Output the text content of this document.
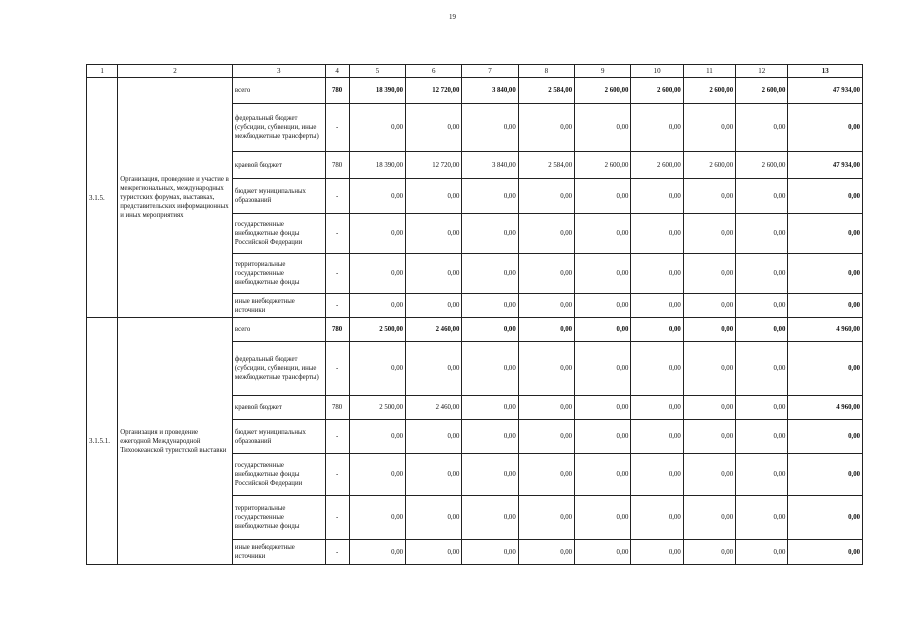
19
1	2	3	4	5	6	7	8	9	10	11	12	13
3.1.5.	Организация, проведение и участие в межрегиональных, международных туристских форумах, выставках, представительских информационных и иных мероприятиях	всего	780	18 390,00	12 720,00	3 840,00	2 584,00	2 600,00	2 600,00	2 600,00	2 600,00	47 934,00
		федеральный бюджет (субсидии, субвенции, иные межбюджетные трансферты)	-	0,00	0,00	0,00	0,00	0,00	0,00	0,00	0,00	0,00
		краевой бюджет	780	18 390,00	12 720,00	3 840,00	2 584,00	2 600,00	2 600,00	2 600,00	2 600,00	47 934,00
		бюджет муниципальных образований	-	0,00	0,00	0,00	0,00	0,00	0,00	0,00	0,00	0,00
		государственные внебюджетные фонды Российской Федерации	-	0,00	0,00	0,00	0,00	0,00	0,00	0,00	0,00	0,00
		территориальные государственные внебюджетные фонды	-	0,00	0,00	0,00	0,00	0,00	0,00	0,00	0,00	0,00
		иные внебюджетные источники	-	0,00	0,00	0,00	0,00	0,00	0,00	0,00	0,00	0,00
3.1.5.1.	Организация и проведение ежегодной Международной Тихоокеанской туристской выставки	всего	780	2 500,00	2 460,00	0,00	0,00	0,00	0,00	0,00	0,00	4 960,00
		федеральный бюджет (субсидии, субвенции, иные межбюджетные трансферты)	-	0,00	0,00	0,00	0,00	0,00	0,00	0,00	0,00	0,00
		краевой бюджет	780	2 500,00	2 460,00	0,00	0,00	0,00	0,00	0,00	0,00	4 960,00
		бюджет муниципальных образований	-	0,00	0,00	0,00	0,00	0,00	0,00	0,00	0,00	0,00
		государственные внебюджетные фонды Российской Федерации	-	0,00	0,00	0,00	0,00	0,00	0,00	0,00	0,00	0,00
		территориальные государственные внебюджетные фонды	-	0,00	0,00	0,00	0,00	0,00	0,00	0,00	0,00	0,00
		иные внебюджетные источники	-	0,00	0,00	0,00	0,00	0,00	0,00	0,00	0,00	0,00
